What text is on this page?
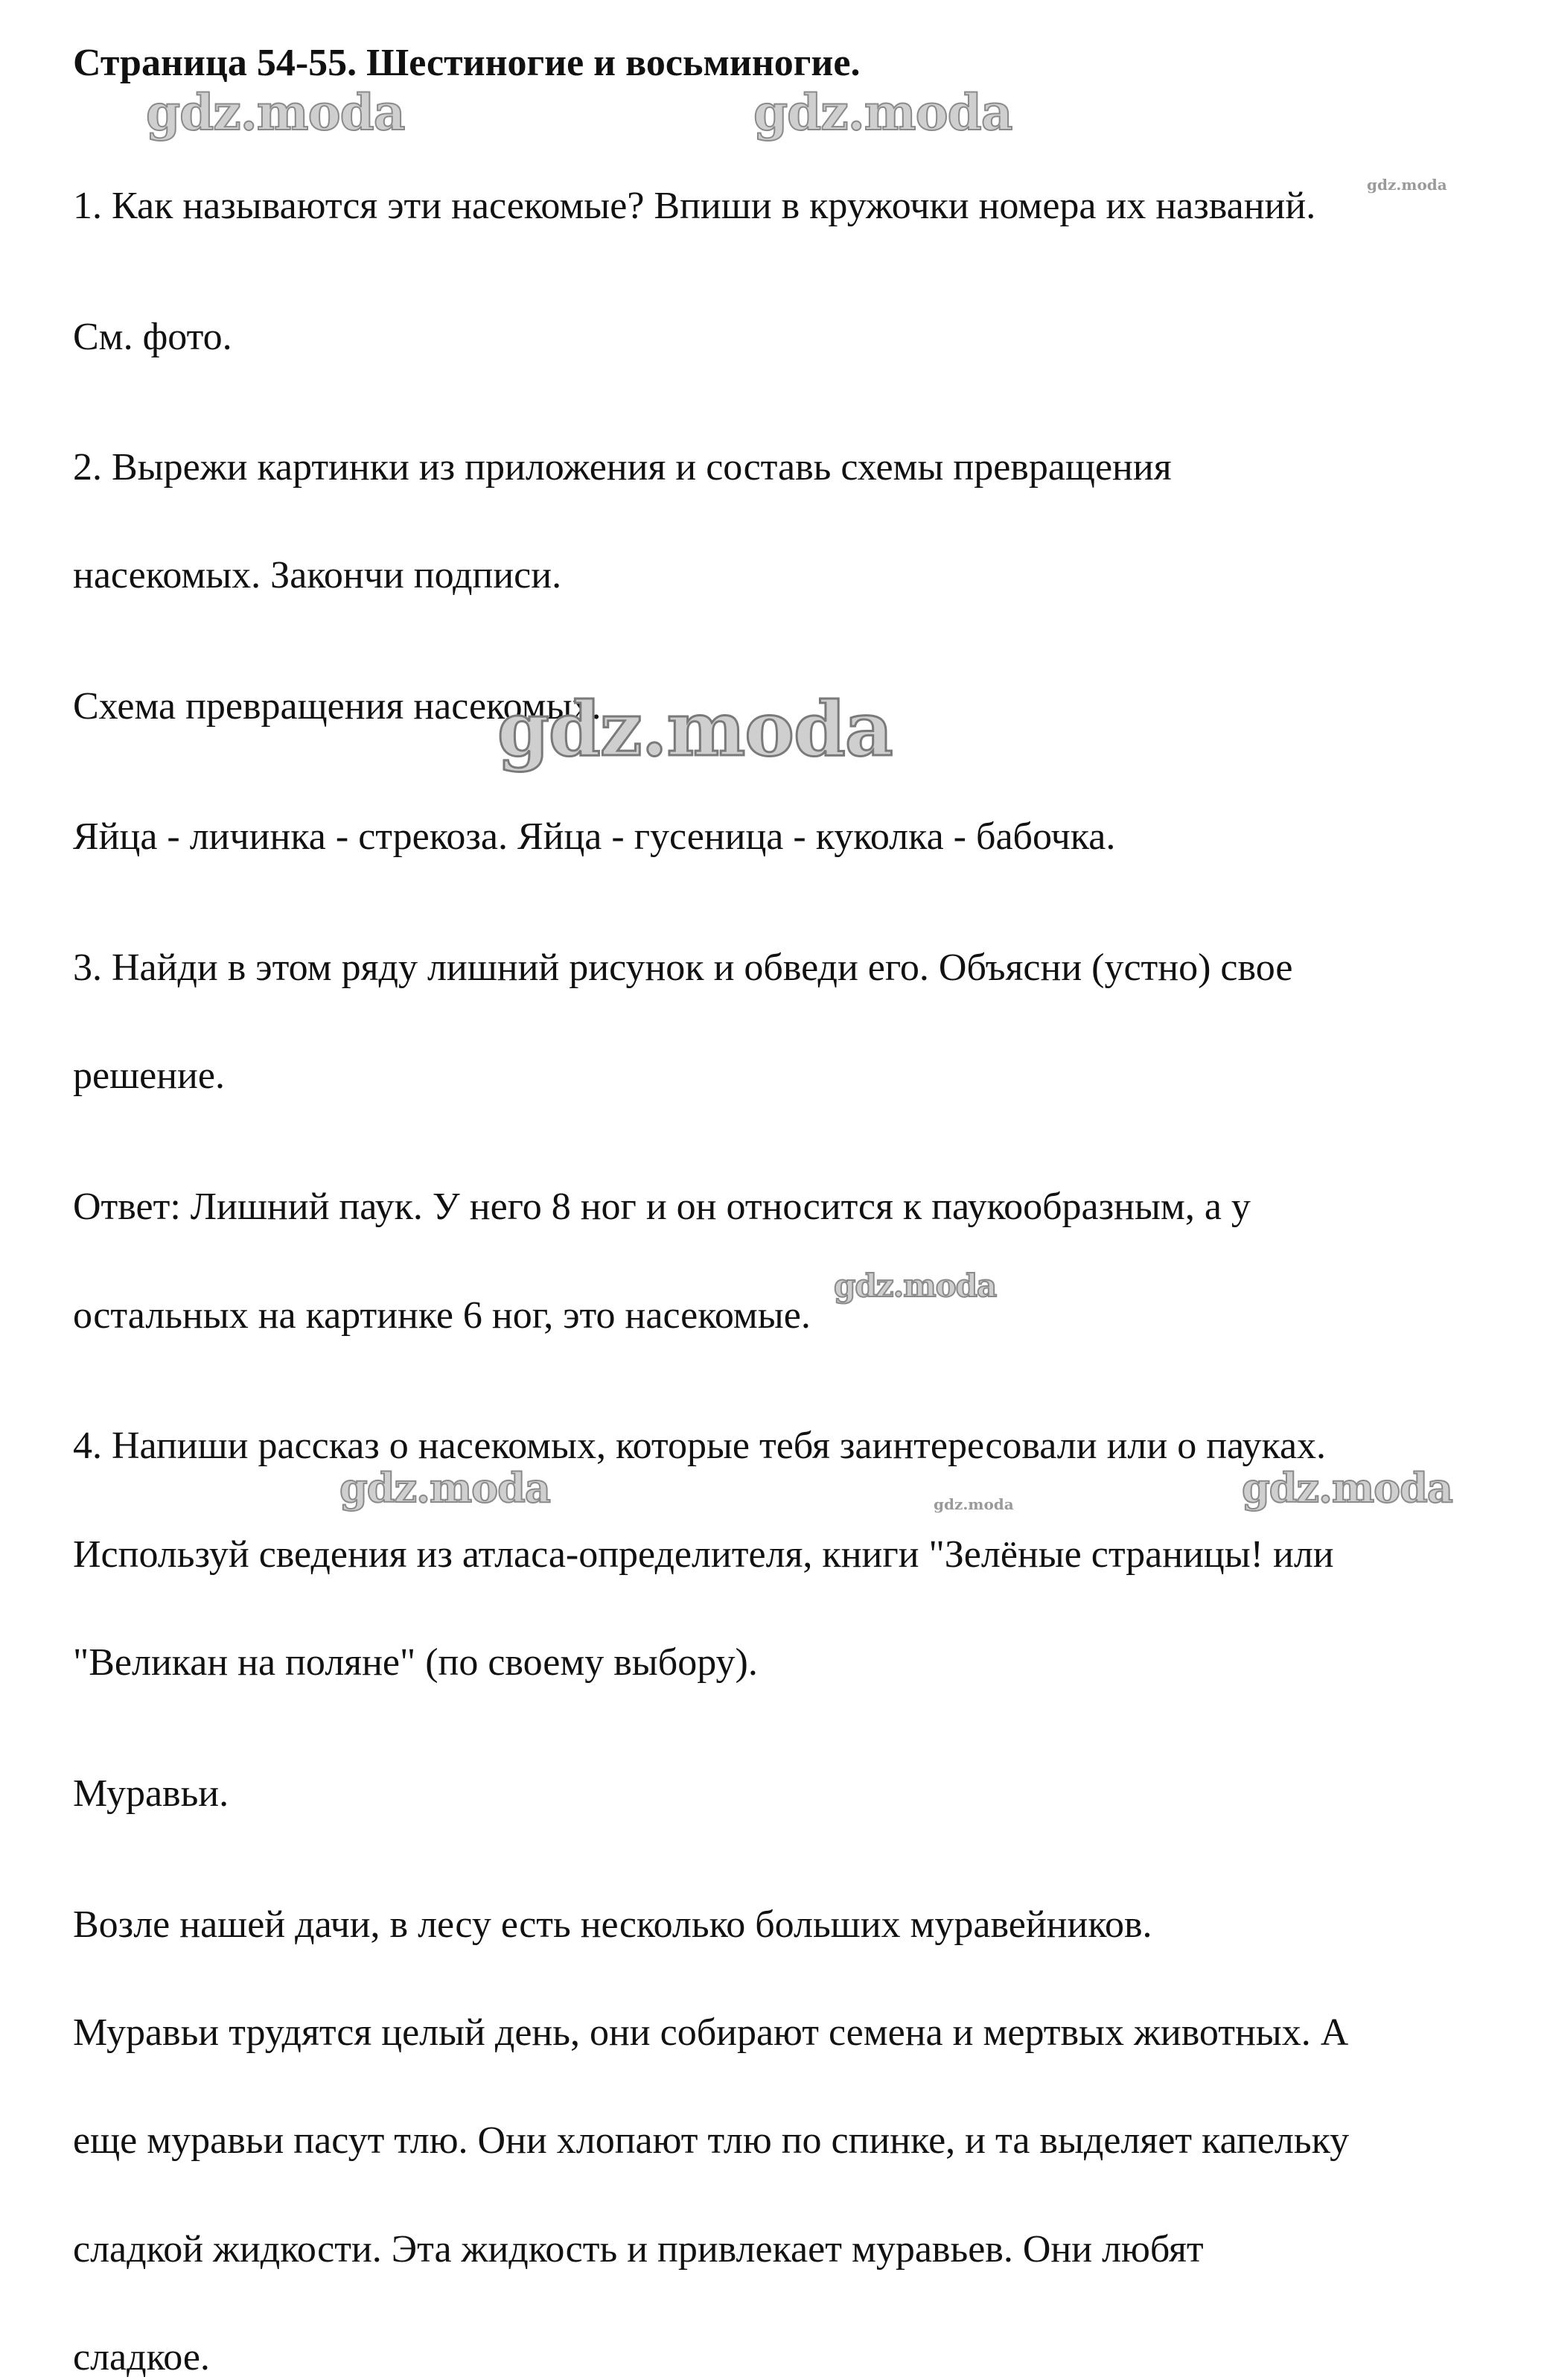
Страница 54-55. Шестиногие и восьминогие.
1. Как называются эти насекомые? Впиши в кружочки номера их названий.
См. фото.
2. Вырежи картинки из приложения и составь схемы превращения
насекомых. Закончи подписи.
Схема превращения насекомых.
Яйца - личинка - стрекоза. Яйца - гусеница - куколка - бабочка.
3. Найди в этом ряду лишний рисунок и обведи его. Объясни (устно) свое
решение.
Ответ: Лишний паук. У него 8 ног и он относится к паукообразным, а у
остальных на картинке 6 ног, это насекомые.
4. Напиши рассказ о насекомых, которые тебя заинтересовали или о пауках.
Используй сведения из атласа-определителя, книги "Зелёные страницы! или
"Великан на поляне" (по своему выбору).
Муравьи.
Возле нашей дачи, в лесу есть несколько больших муравейников.
Муравьи трудятся целый день, они собирают семена и мертвых животных. А
еще муравьи пасут тлю. Они хлопают тлю по спинке, и та выделяет капельку
сладкой жидкости. Эта жидкость и привлекает муравьев. Они любят
сладкое.
gdz.moda	gdz.moda
gdz.moda
gdz.moda
gdz.moda
gdz.moda	gdz.moda	gdz.moda
